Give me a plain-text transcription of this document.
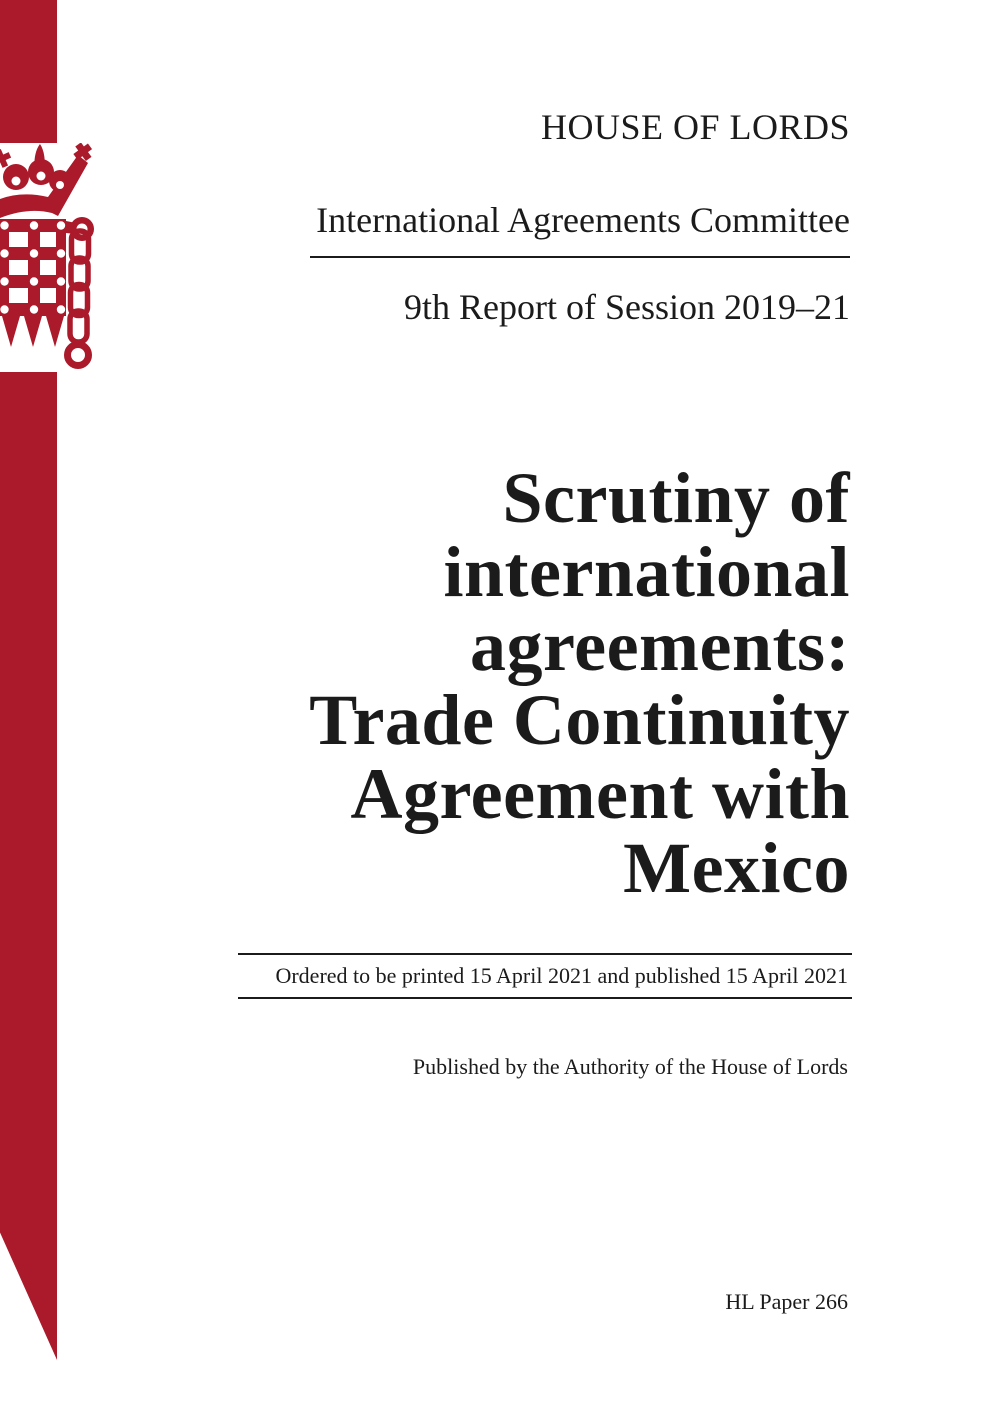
HOUSE OF LORDS
International Agreements Committee
9th Report of Session 2019–21
Scrutiny of
international
agreements:
Trade Continuity
Agreement with
Mexico
Ordered to be printed 15 April 2021 and published 15 April 2021
Published by the Authority of the House of Lords
HL Paper 266
